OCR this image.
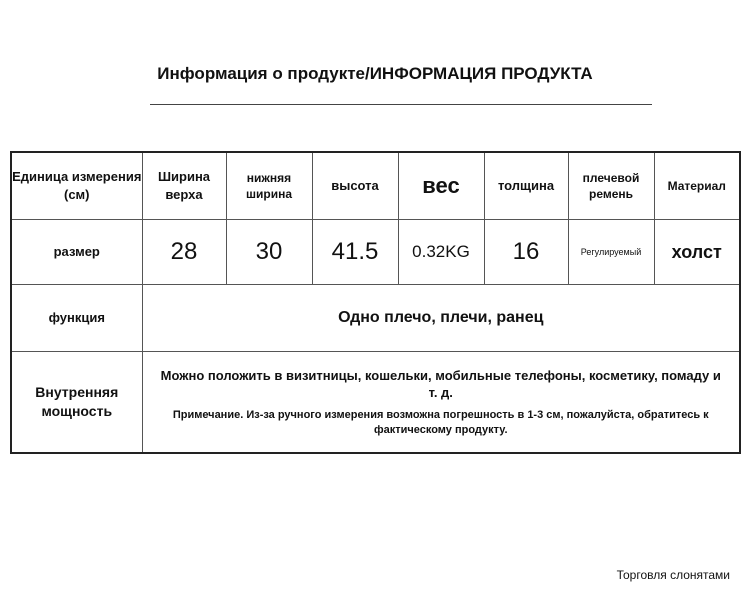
Информация о продукте/ИНФОРМАЦИЯ ПРОДУКТА
Единица измерения (см)	Ширина верха	нижняя ширина	высота	вес	толщина	плечевой ремень	Материал
размер	28	30	41.5	0.32KG	16	Регулируемый	холст
функция	Одно плечо, плечи, ранец						
Внутренняя мощность	Можно положить в визитницы, кошельки, мобильные телефоны, косметику, помаду и т. д.
Примечание. Из-за ручного измерения возможна погрешность в 1-3 см, пожалуйста, обратитесь к фактическому продукту.						
Торговля слонятами
